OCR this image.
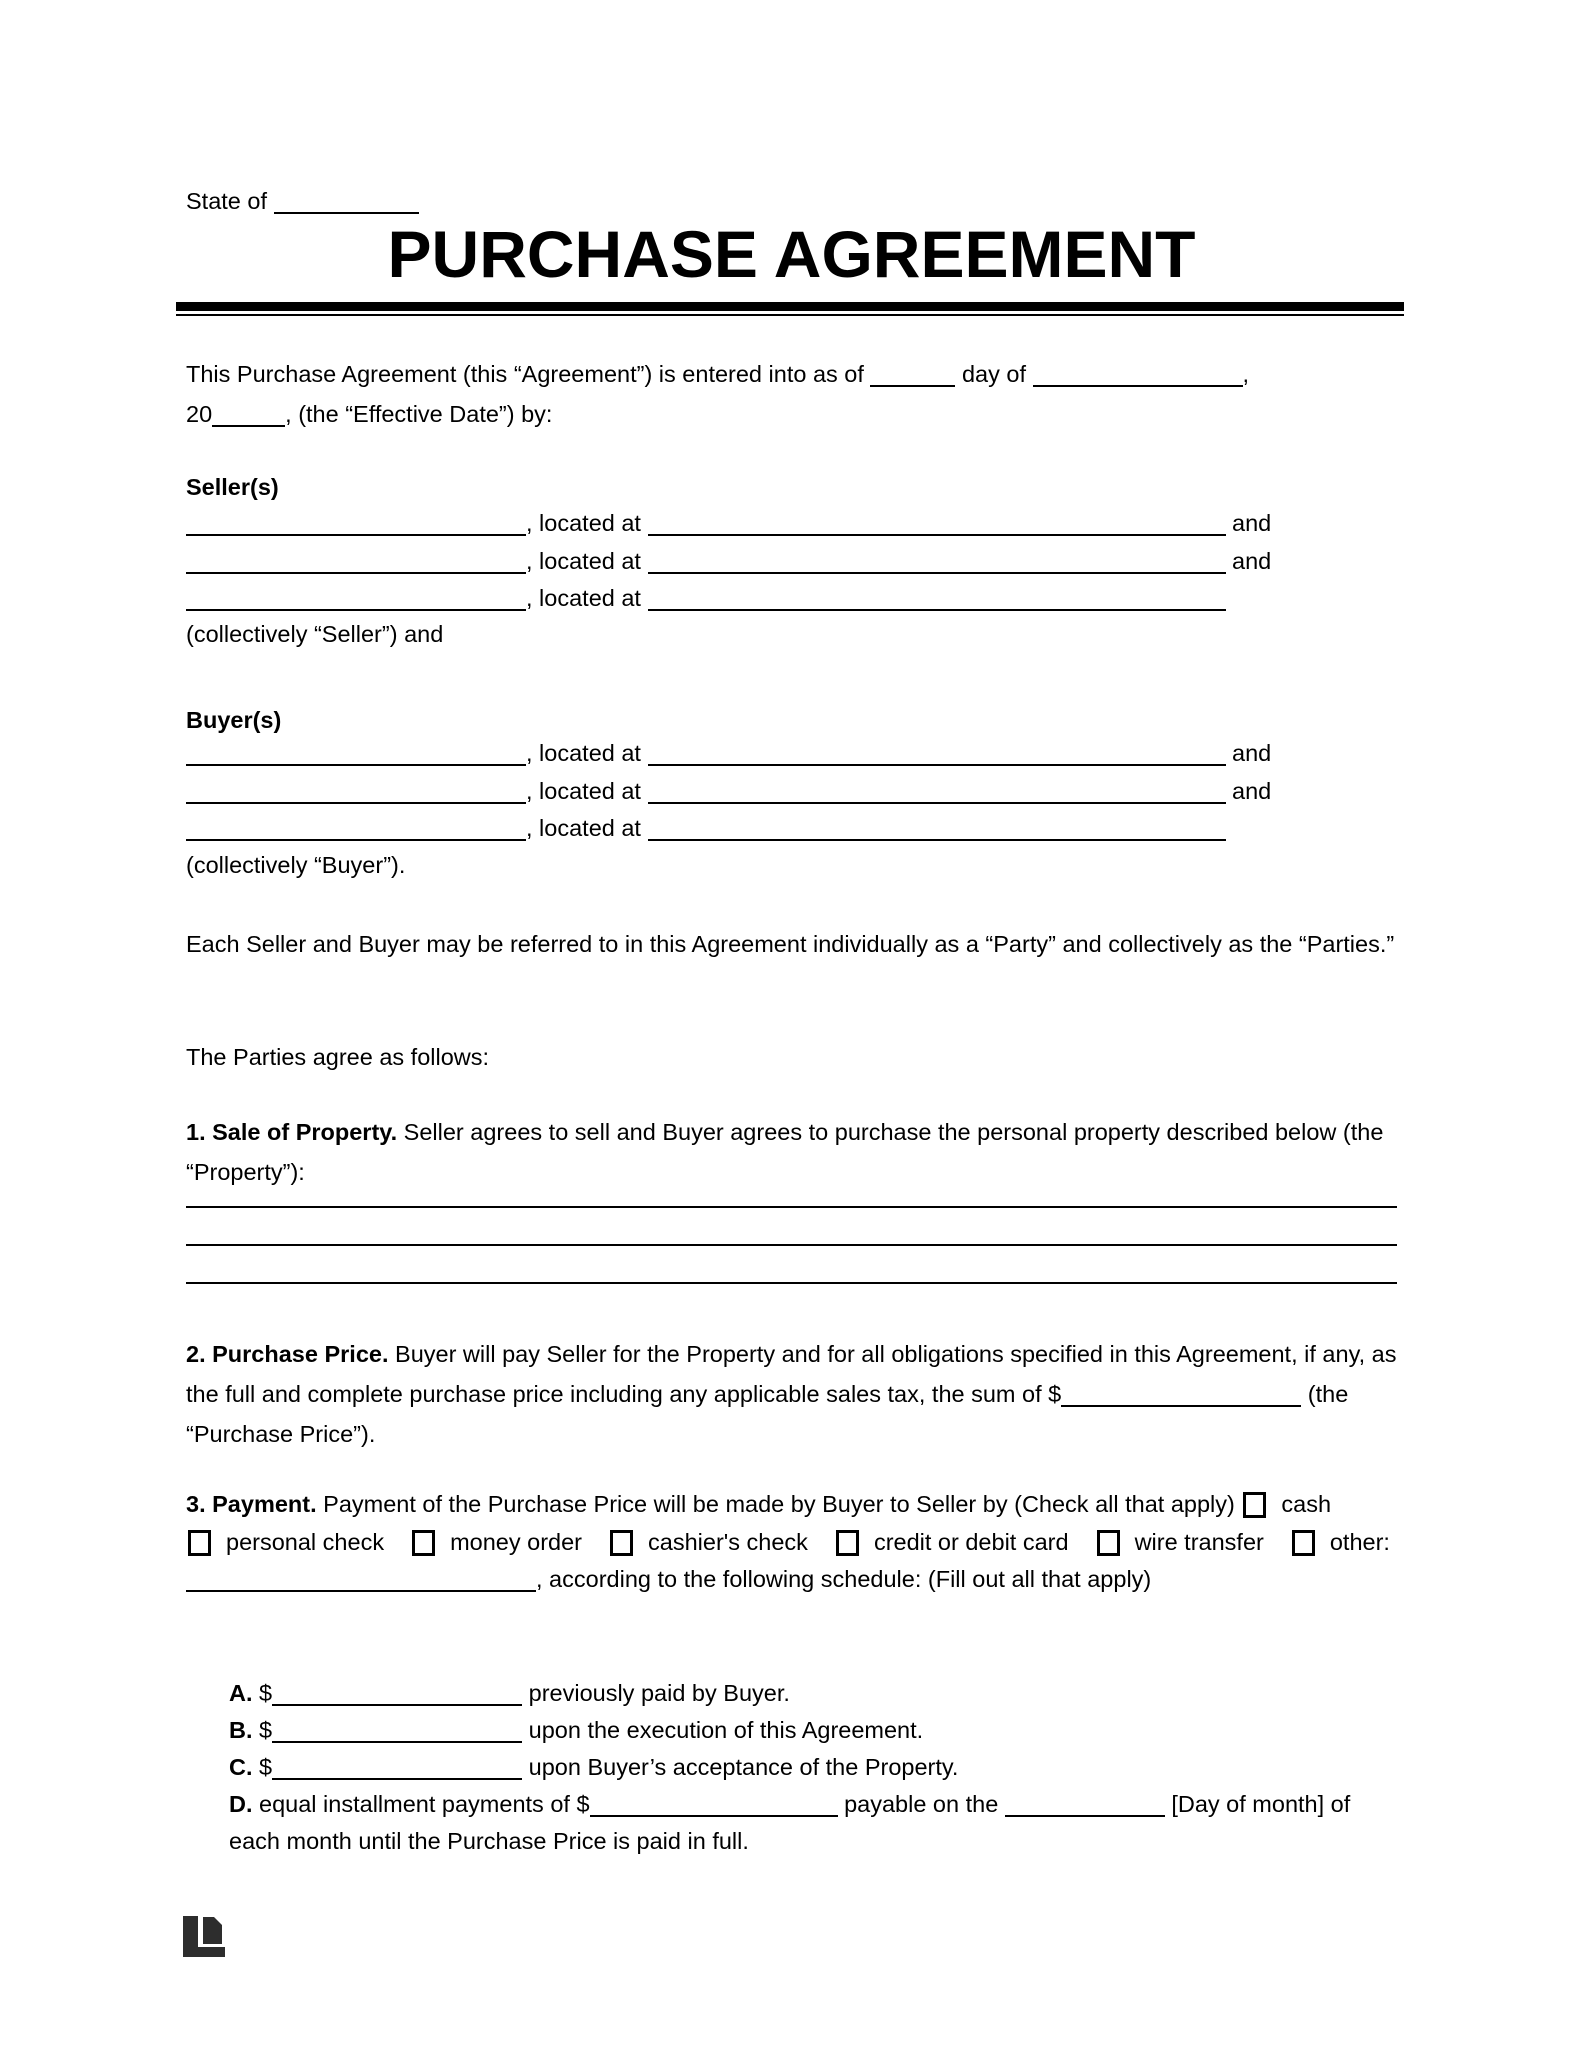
State of
PURCHASE AGREEMENT
This Purchase Agreement (this “Agreement”) is entered into as of	day of	,
20	, (the “Effective Date”) by:
Seller(s)
, located at	and
, located at	and
, located at
(collectively “Seller”) and
Buyer(s)
, located at	and
, located at	and
, located at
(collectively “Buyer”).
Each Seller and Buyer may be referred to in this Agreement individually as a “Party” and collectively as the “Parties.”
The Parties agree as follows:
1. Sale of Property. Seller agrees to sell and Buyer agrees to purchase the personal property described below (the “Property”):
2. Purchase Price. Buyer will pay Seller for the Property and for all obligations specified in this Agreement, if any, as the full and complete purchase price including any applicable sales tax, the sum of $	(the “Purchase Price”).
3. Payment. Payment of the Purchase Price will be made by Buyer to Seller by (Check all that apply) cashpersonal check	money order	cashier's check	credit or debit card	wire transfer	other: , according to the following schedule: (Fill out all that apply)
A. $	previously paid by Buyer.
B. $	upon the execution of this Agreement.
C. $	upon Buyer’s acceptance of the Property.
D. equal installment payments of $	payable on the	[Day of month] of each month until the Purchase Price is paid in full.
